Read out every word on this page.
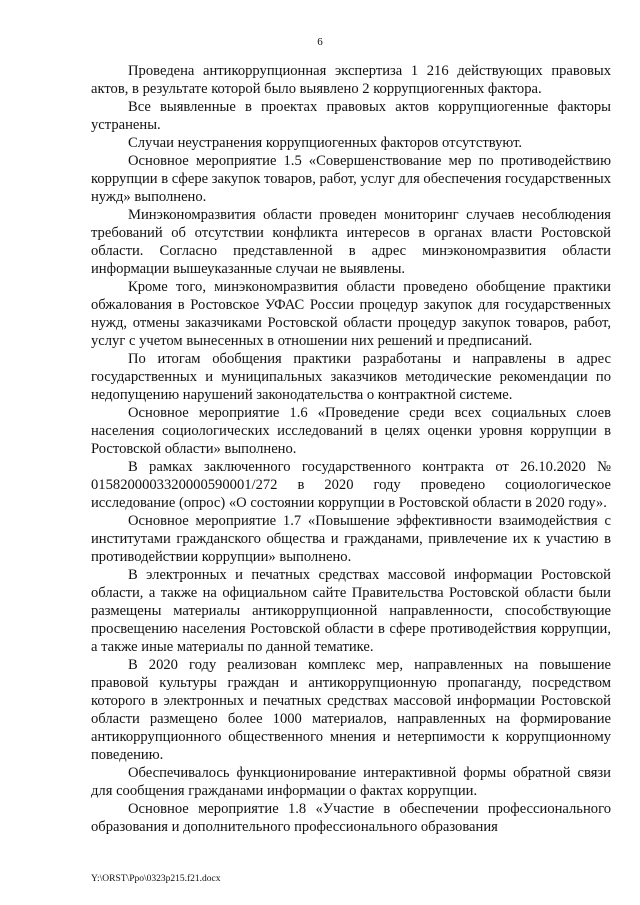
6

Проведена антикоррупционная экспертиза 1 216 действующих правовых актов, в результате которой было выявлено 2 коррупциогенных фактора.

Все выявленные в проектах правовых актов коррупциогенные факторы устранены.

Случаи неустранения коррупциогенных факторов отсутствуют.

Основное мероприятие 1.5 «Совершенствование мер по противодействию коррупции в сфере закупок товаров, работ, услуг для обеспечения государственных нужд» выполнено.

Минэкономразвития области проведен мониторинг случаев несоблюдения требований об отсутствии конфликта интересов в органах власти Ростовской области. Согласно представленной в адрес минэкономразвития области информации вышеуказанные случаи не выявлены.

Кроме того, минэкономразвития области проведено обобщение практики обжалования в Ростовское УФАС России процедур закупок для государственных нужд, отмены заказчиками Ростовской области процедур закупок товаров, работ, услуг с учетом вынесенных в отношении них решений и предписаний.

По итогам обобщения практики разработаны и направлены в адрес государственных и муниципальных заказчиков методические рекомендации по недопущению нарушений законодательства о контрактной системе.

Основное мероприятие 1.6 «Проведение среди всех социальных слоев населения социологических исследований в целях оценки уровня коррупции в Ростовской области» выполнено.

В рамках заключенного государственного контракта от 26.10.2020 № 0158200003320000590001/272 в 2020 году проведено социологическое исследование (опрос) «О состоянии коррупции в Ростовской области в 2020 году».

Основное мероприятие 1.7 «Повышение эффективности взаимодействия с институтами гражданского общества и гражданами, привлечение их к участию в противодействии коррупции» выполнено.

В электронных и печатных средствах массовой информации Ростовской области, а также на официальном сайте Правительства Ростовской области были размещены материалы антикоррупционной направленности, способствующие просвещению населения Ростовской области в сфере противодействия коррупции, а также иные материалы по данной тематике.

В 2020 году реализован комплекс мер, направленных на повышение правовой культуры граждан и антикоррупционную пропаганду, посредством которого в электронных и печатных средствах массовой информации Ростовской области размещено более 1000 материалов, направленных на формирование антикоррупционного общественного мнения и нетерпимости к коррупционному поведению.

Обеспечивалось функционирование интерактивной формы обратной связи для сообщения гражданами информации о фактах коррупции.

Основное мероприятие 1.8 «Участие в обеспечении профессионального образования и дополнительного профессионального образования

Y:\ORST\Ppo\0323p215.f21.docx
